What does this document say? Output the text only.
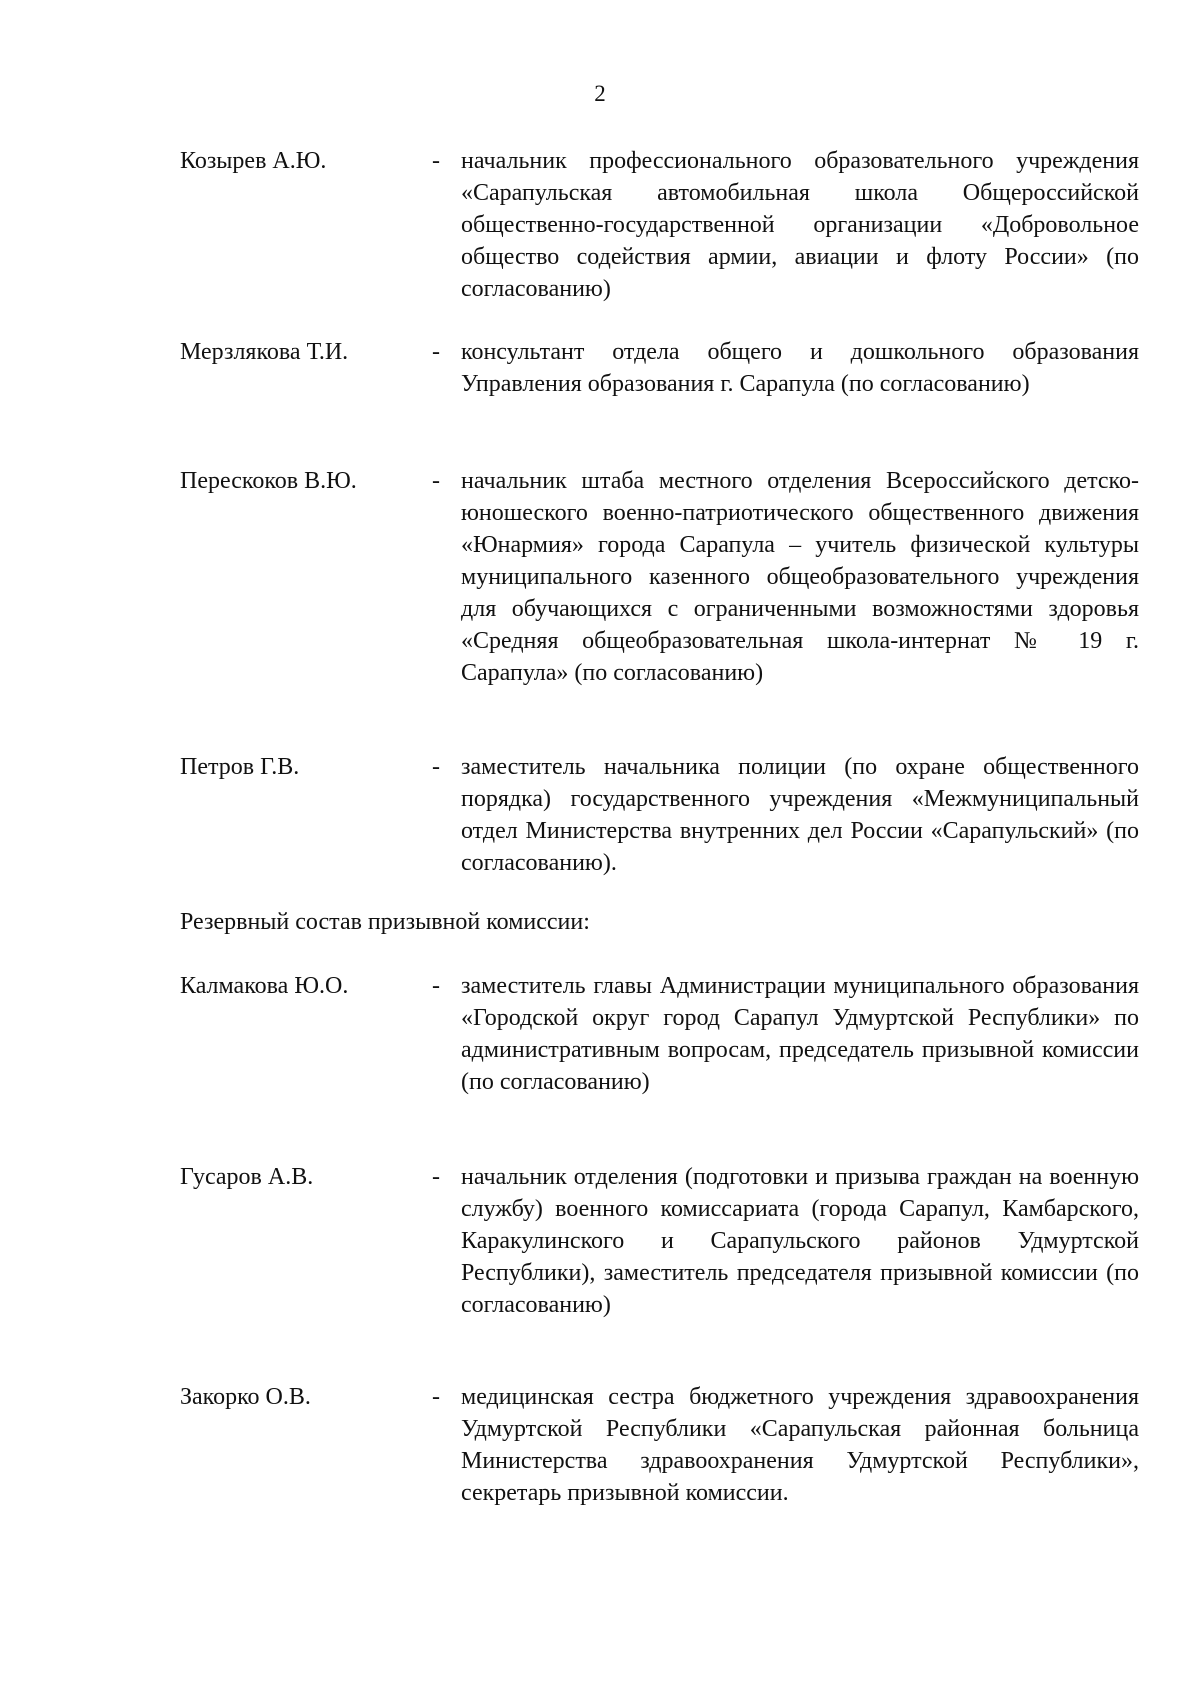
2
Козырев А.Ю.	- начальник профессионального образовательного учреждения «Сарапульская автомобильная школа Общероссийской общественно-государственной организации «Добровольное общество содействия армии, авиации и флоту России» (по согласованию)

Мерзлякова Т.И.	- консультант отдела общего и дошкольного образования Управления образования г. Сарапула (по согласованию)

Перескоков В.Ю.	- начальник штаба местного отделения Всероссийского детско-юношеского военно-патриотического общественного движения «Юнармия» города Сарапула – учитель физической культуры муниципального казенного общеобразовательного учреждения для обучающихся с ограниченными возможностями здоровья «Средняя общеобразовательная школа-интернат № 19 г. Сарапула» (по согласованию)

Петров Г.В.	- заместитель начальника полиции (по охране общественного порядка) государственного учреждения «Межмуниципальный отдел Министерства внутренних дел России «Сарапульский» (по согласованию).

Резервный состав призывной комиссии:
Калмакова Ю.О.	- заместитель главы Администрации муниципального образования «Городской округ город Сарапул Удмуртской Республики» по административным вопросам, председатель призывной комиссии (по согласованию)

Гусаров А.В.	- начальник отделения (подготовки и призыва граждан на военную службу) военного комиссариата (города Сарапул, Камбарского, Каракулинского и Сарапульского районов Удмуртской Республики), заместитель председателя призывной комиссии (по согласованию)

Закорко О.В.	- медицинская сестра бюджетного учреждения здравоохранения Удмуртской Республики «Сарапульская районная больница Министерства здравоохранения Удмуртской Республики», секретарь призывной комиссии.
